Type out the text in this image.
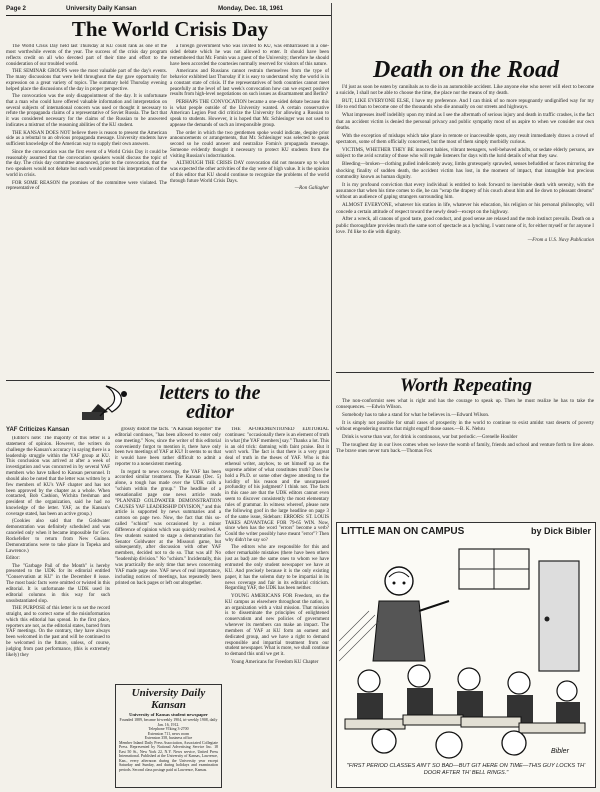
Page 2	University Daily Kansan	Monday, Dec. 18, 1961
The World Crisis Day

The World Crisis Day held last Thursday at KU could rank as one of the most worthwhile events of the year. The success of the crisis day program reflects credit on all who devoted part of their time and effort to the consideration of our troubled world.

THE SEMINAR GROUPS were the most valuable part of the day's events. The many discussions that were held throughout the day gave opportunity for expression on a great variety of topics. The summary held Thursday evening helped place the discussions of the day in proper perspective.

The convocation was the only disappointment of the day. It is unfortunate that a man who could have offered valuable information and interpretation on several subjects of international concern was used or thought it necessary to refute the propaganda claims of a representative of Soviet Russia. The fact that it was considered necessary for the claims of the Russian to be answered indicates a mistrust of the reasoning abilities of the KU student.

THE KANSAN DOES NOT believe there is reason to present the American side as a rebuttal to an obvious propaganda message. University students have sufficient knowledge of the American way to supply their own answers.

Since the convocation was the first event of a World Crisis Day it could be reasonably assumed that the convocation speakers would discuss the topic of the day. The crisis day committee announced, prior to the convocation, that the two speakers would not debate but each would present his interpretation of the world in crisis.

FOR SOME REASON the promises of the committee were violated. The representative of

a foreign government who was invited to KU, was embarrassed in a one-sided debate which he was not allowed to enter. It should have been remembered that Mr. Fomin was a guest of the University; therefore he should have been accorded the courtesies normally reserved for visitors of this nature.

Americans and Russians cannot restrain themselves from the type of behavior exhibited last Thursday if it is easy to understand why the world is in a constant state of crisis. If the representatives of both countries cannot meet peacefully at the level of last week's convocation how can we expect positive results from high-level negotiations on such issues as disarmament and Berlin?

PERHAPS THE CONVOCATION became a one-sided debate because this is what people outside of the University wanted. A certain conservative American Legion Post did criticize the University for allowing a Russian to speak to students. However, it is hoped that Mr. Schlesinger was not used to appease the demands of such an irresponsible group.

The order in which the two gentlemen spoke would indicate, despite prior announcements or arrangements, that Mr. Schlesinger was selected to speak second so he could answer and neutralize Fomin's propaganda message. Someone evidently thought it necessary to protect KU students from the visiting Russian's indoctrination.

ALTHOUGH THE CRISIS DAY convocation did not measure up to what was expected the other activities of the day were of high value. It is the opinion of this editor that KU should continue to recognize the problems of the world through future World Crisis Days.

—Ron Gallagher
letters to the editor
YAF Criticizes Kansan

(Editor's note: The majority of this letter is a statement of opinion. However, the writers do challenge the Kansan's accuracy in saying there is a leadership struggle within the YAF group at KU. This conclusion was arrived at after a week of investigation and was concurred in by several YAF members who have talked to Kansan personnel. It should also be noted that the letter was written by a few members of KU's YAF chapter and has not been approved by the chapter as a whole. When contacted, Bob Cashion, Wichita freshman and president of the organization, said he had no knowledge of the letter. YAF, as the Kansan's coverage stated, has been an active group.)

(Cookies also said that the Goldwater demonstration was definitely scheduled and was canceled only when it became impossible for Gov. Rockefeller to return from New Guinea. Demonstrations were to take place in Topeka and Lawrence.)

Editor:

The "Garbage Pail of the Month" is hereby presented to the UDK for its editorial entitled "Conservatism at KU" in the December 8 issue. The most basic facts were omitted or twisted in this editorial. It is unfortunate the UDK used its editorial columns in this way for such unsubstantiated slop.

THE PURPOSE of this letter is to set the record straight, and to correct some of the misinformation which this editorial has spread. In the first place, reporters are not, as the editorial states, barred from YAF meetings. On the contrary, they have always been welcomed in the past and will be continued to be welcomed in the future, unless, of course, judging from past performance, (this is extremely likely) they

grossly distort the facts. "A Kansan Reporter" the editorial continues, "has been allowed to enter only one meeting." Now, since the writer of this editorial conveniently forgot to mention it, there have only been two meetings of YAF at KU! It seems to us that it would have been rather difficult to admit a reporter to a nonexistent meeting.

In regard to news coverage, the YAF has been accorded similar treatment. The Kansan (Dec. 5) alone, a tough has made over the UDK calls a "schism within the group." The headline of a sensationalist page one news article reads "PLANNED GOLDWATER DEMONSTRATION CAUSES YAF LEADERSHIP DIVISION," and this article is supported by news summaries and a cartoon on page two. Now, the fact that this so-called "schism" was occasioned by a minor difference of opinion which was quickly resolved. A few students wanted to stage a demonstration for Senator Goldwater at the Missouri game, but subsequently, after discussion with other YAF members, decided not to do so. That was all! No "leadership division." No "schism." Incidentally, this was practically the only time that news concerning YAF made page one. YAF news of real importance, including notices of meetings, has repeatedly been printed on back pages or left out altogether.

University Daily Kansan
University of Kansas student newspaper
Founded 1889, became bi-weekly 1904, tri-weekly 1908, daily Jan. 16, 1912.
Telephone VIking 3-2700
Extension 711, news room
Extension 358, business office
Member Inland Daily Press Association, Associated Collegiate Press. Represented by National Advertising Service Inc. 18 East 50 St., New York 22, N.Y. News service, United Press International. Published at the University of Kansas, Lawrence, Kan., every afternoon during the University year except Saturday and Sunday, and during holidays and examination periods. Second class postage paid at Lawrence, Kansas.

THE AFOREMENTIONED EDITORIAL continues: "occasionally there is an element of truth in what [the YAF members] say." Thanks a lot. This is an old trick: damning with faint praise. But it won't work. The fact is that there is a very great deal of truth in the theses of YAF. Who is this ethereal writer, anyhow, to set himself up as the supreme arbiter of what constitutes truth? Does he hold a Ph.D. or some other degree attesting to the lucidity of his reason and the unsurpassed profundity of his judgment? I think not. The facts in this case are that the UDK editors cannot even seem to discover consistently the most elementary rules of grammar. In witness whereof, please note the following goof in the large headline on page 3 of the same issue, Sidebars: ERRORS: ST. LOUIS TAKES ADVANTAGE FOR 79-65 WIN. Now, since when has the word "errors" become a verb? Could the writer possibly have meant "error"? Then why didn't he say so?

The editors who are responsible for this and other remarkable mistakes (there have been others just as bad) are the same ones to whom we have entrusted the only student newspaper we have at KU. And precisely because it is the only existing paper, it has the solemn duty to be impartial in its news coverage and fair in its editorial criticism. Regarding YAF, the UDK has been neither.

YOUNG AMERICANS FOR Freedom, on the KU campus as elsewhere throughout the nation, is an organization with a vital mission. That mission is to disseminate the principles of enlightened conservatism and new policies of government wherever its members can make an impact. The members of YAF at KU form an earnest and dedicated group, and we have a right to demand responsible and impartial treatment from our student newspaper. What is more, we shall continue to demand this until we get it.

Young Americans for Freedom KU Chapter
Death on the Road

I'd just as soon be eaten by cannibals as to die in an automobile accident. Like anyone else who never will elect to become a suicide, I shall not be able to choose the time, the place nor the means of my death.

BUT, LIKE EVERYONE ELSE, I have my preference. And I can think of no more repugnantly undignified way for my life to end than to become one of the thousands who die annually on our streets and highways.

What impresses itself indelibly upon my mind as I see the aftermath of serious injury and death in traffic crashes, is the fact that an accident victim is denied the personal privacy and public sympathy most of us aspire to when we consider our own deaths.

With the exception of mishaps which take place in remote or inaccessible spots, any result immediately draws a crowd of spectators, some of them officially concerned, but the most of them simply morbidly curious.

VICTIMS, WHETHER THEY BE innocent babies, vibrant teenagers, well-behaved adults, or sedate elderly persons, are subject to the avid scrutiny of those who will regale listeners for days with the lurid details of what they saw.

Bleeding—broken—clothing pulled indelicately away, limbs grotesquely sprawled, senses befuddled or faces mirroring the shocking finality of sudden death, the accident victim has lost, in the moment of impact, that intangible but precious commodity known as human dignity.

It is my profound conviction that every individual is entitled to look forward to inevitable death with serenity, with the assurance that when his time comes to die, he can "wrap the drapery of his couch about him and lie down to pleasant dreams" without an audience of gaping strangers surrounding him.

ALMOST EVERYONE, whatever his station in life, whatever his education, his religion or his personal philosophy, will concede a certain attitude of respect toward the newly dead—except on the highway.

After a wreck, all canons of good taste, good conduct, and good sense are relaxed and the mob instinct prevails. Death on a public thoroughfare provides much the same sort of spectacle as a lynching. I want none of it, for either myself or for anyone I love. I'd like to die with dignity.

—From a U.S. Navy Publication
Worth Repeating

The non-conformist sees what is right and has the courage to speak up. Then he must realize he has to take the consequences. —Edwin Wilson.

Somebody has to take a stand for what he believes in.—Edward Wilson.

It is simply not possible for small cases of prosperity in the world to continue to exist amidst vast deserts of poverty without engendering storms that might engulf those oases.—B. K. Nehru

Drink is worse than war, for drink is continuous, war but periodic.—Grenelle Houlder

The toughest day in our lives comes when we leave the womb of family, friends and school and venture forth to live alone. The brave ones never turn back.—Thomas Fox

LITTLE MAN ON CAMPUS	by Dick Bibler
Bibler
"FIRST PERIOD CLASSES AIN'T SO BAD—BUT GIT HERE ON TIME—THIS GUY LOCKS TH' DOOR AFTER TH' BELL RINGS."
